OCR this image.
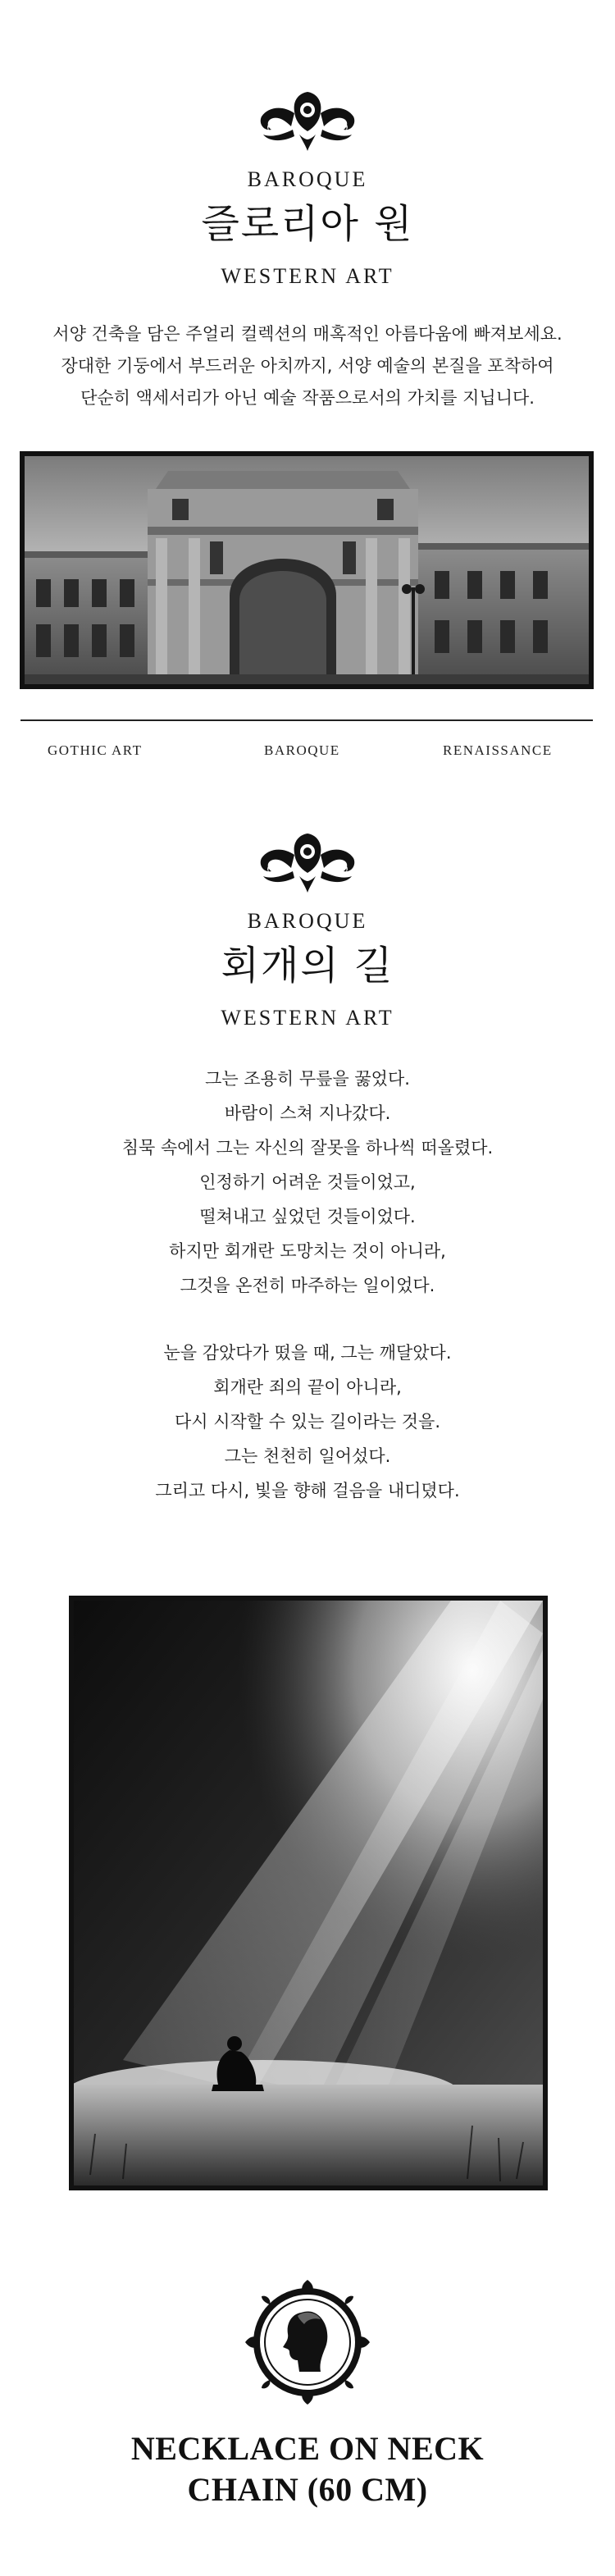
BAROQUE
즐로리아 원
WESTERN ART
서양 건축을 담은 주얼리 컬렉션의 매혹적인 아름다움에 빠져보세요.
장대한 기둥에서 부드러운 아치까지, 서양 예술의 본질을 포착하여
단순히 액세서리가 아닌 예술 작품으로서의 가치를 지닙니다.
GOTHIC ART	BAROQUE	RENAISSANCE
BAROQUE
회개의 길
WESTERN ART
그는 조용히 무릎을 꿇었다.
바람이 스쳐 지나갔다.
침묵 속에서 그는 자신의 잘못을 하나씩 떠올렸다.
인정하기 어려운 것들이었고,
떨쳐내고 싶었던 것들이었다.
하지만 회개란 도망치는 것이 아니라,
그것을 온전히 마주하는 일이었다.
눈을 감았다가 떴을 때, 그는 깨달았다.
회개란 죄의 끝이 아니라,
다시 시작할 수 있는 길이라는 것을.
그는 천천히 일어섰다.
그리고 다시, 빛을 향해 걸음을 내디뎠다.
NECKLACE ON NECK
CHAIN (60 CM)
